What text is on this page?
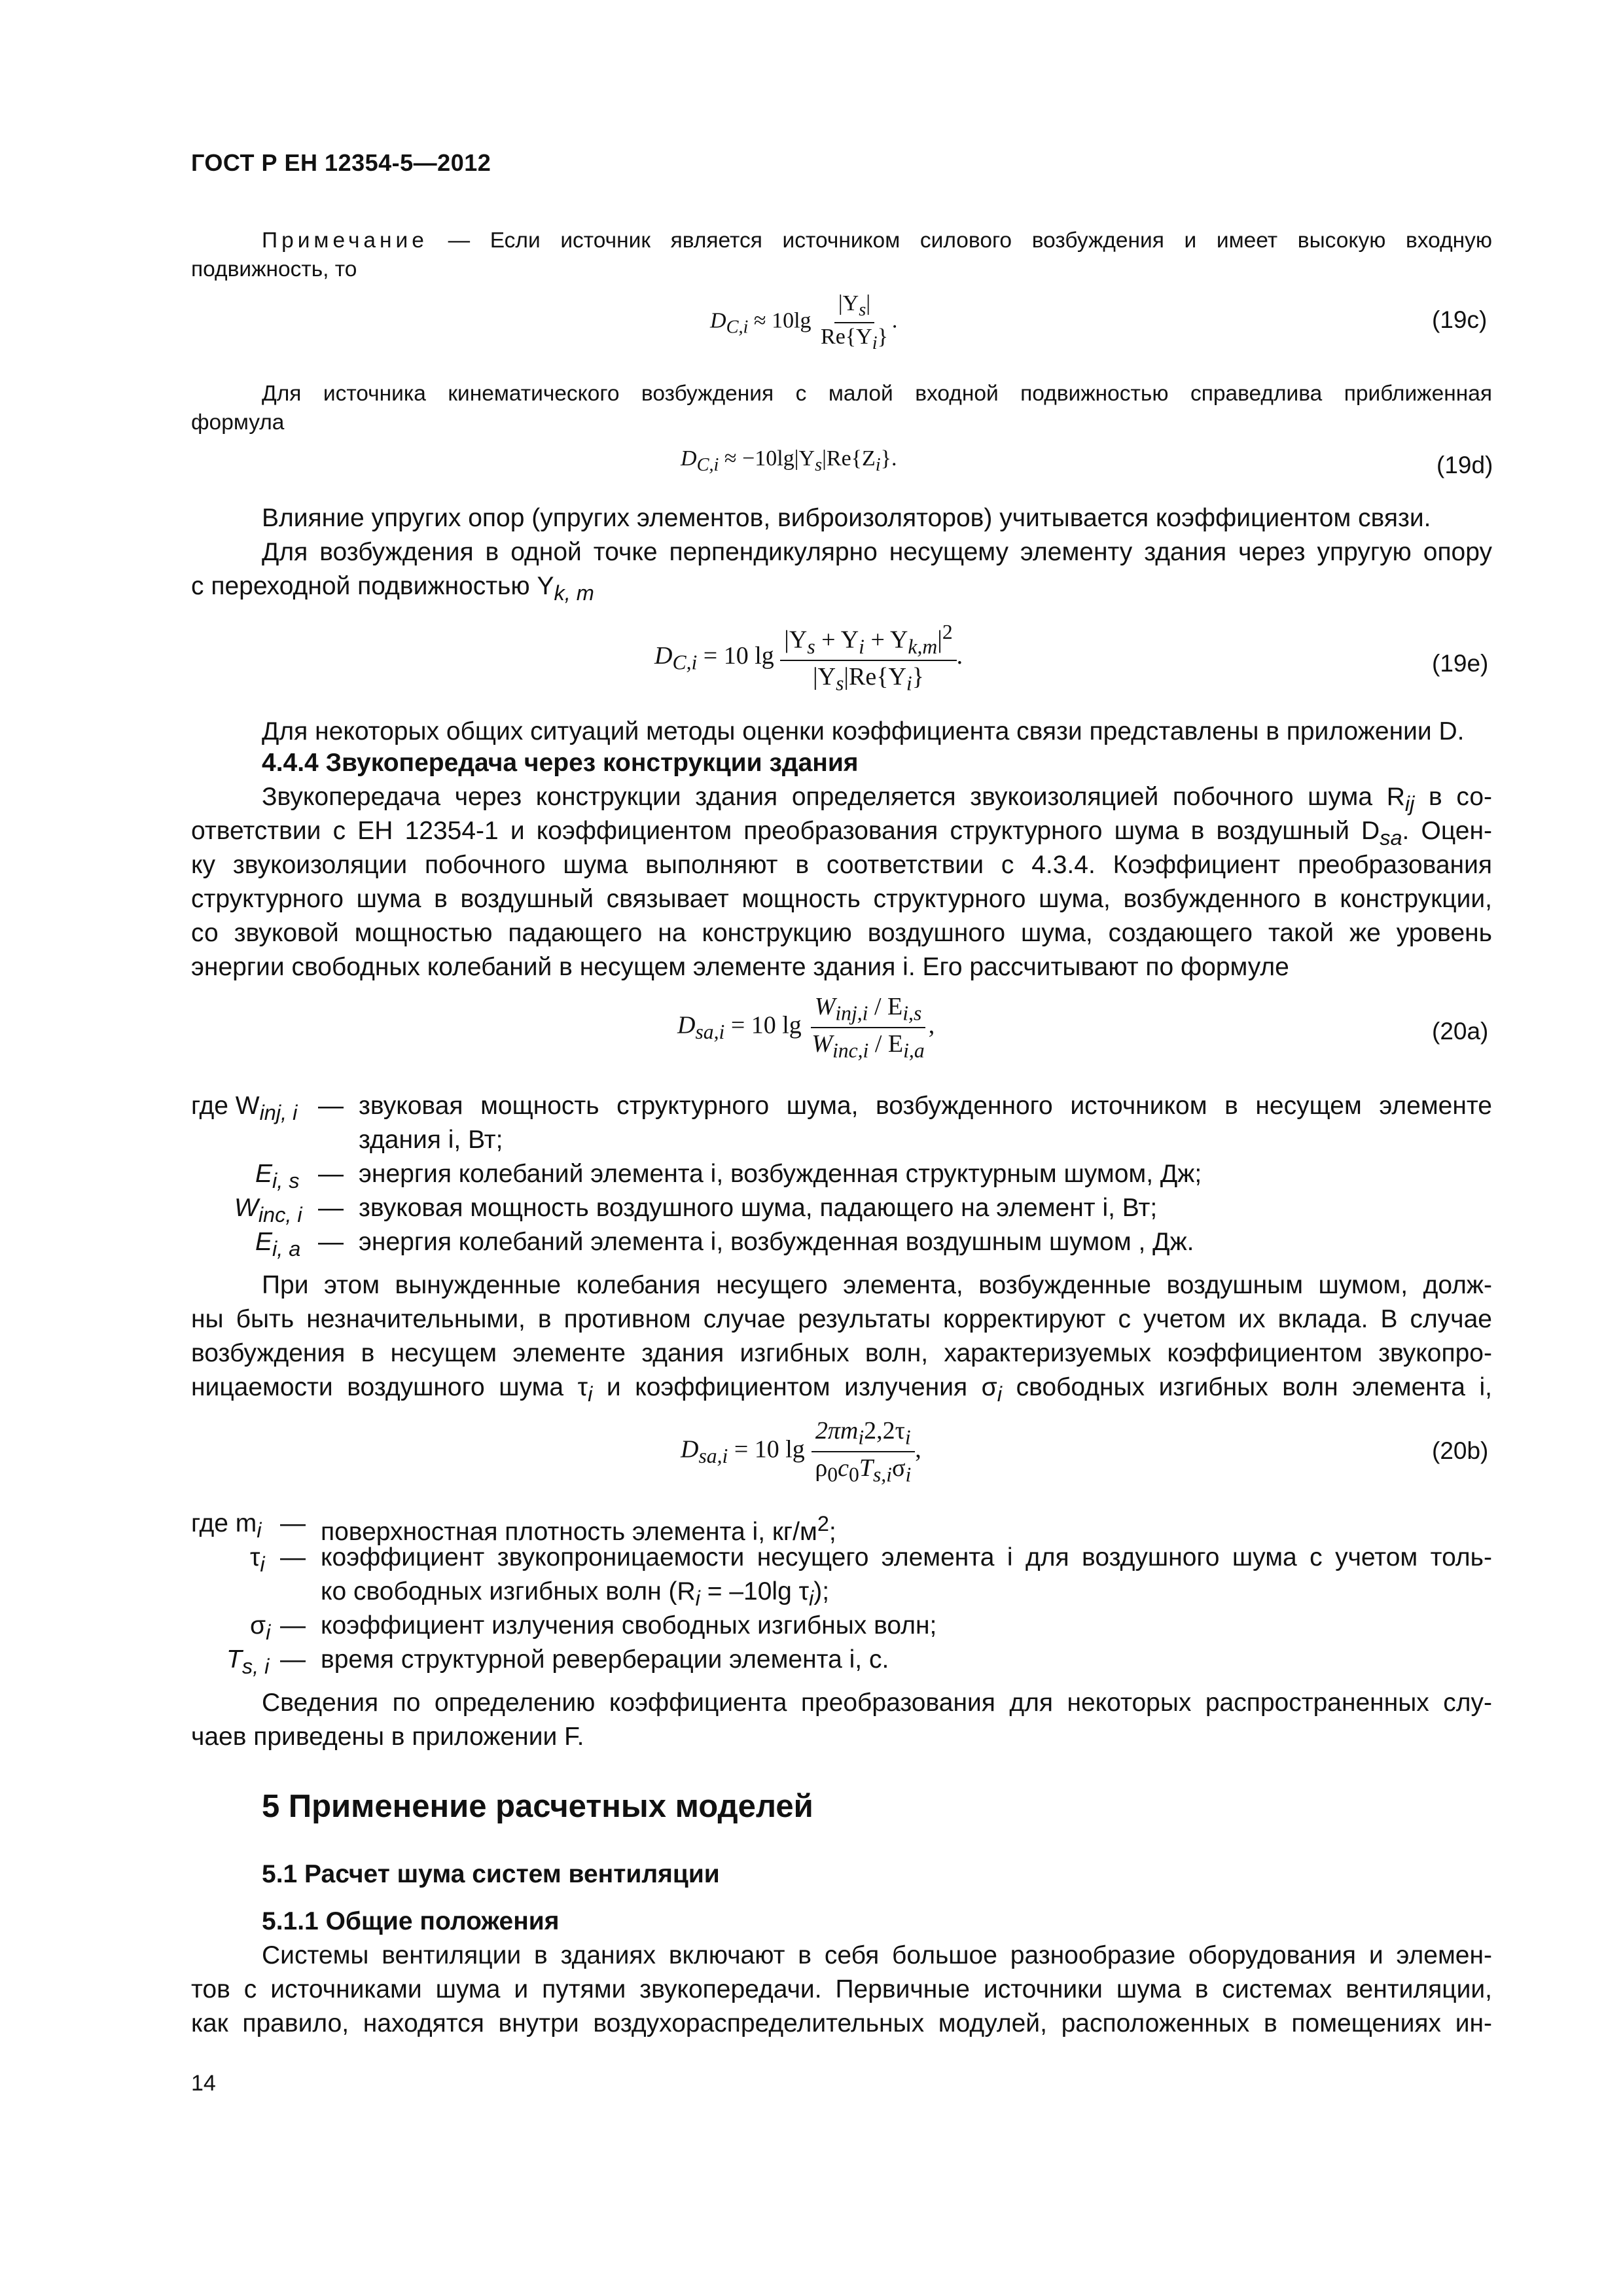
ГОСТ Р ЕН 12354-5—2012
Примечание — Если источник является источником силового возбуждения и имеет высокую входную
подвижность, то
$D_{C,i} \approx 10\lg \frac{|Y_s|}{Re\{Y_i\}}$ .	(19c)
Для источника кинематического возбуждения с малой входной подвижностью справедлива приближенная
формула
$D_{C,i} \approx -10\lg|Y_s|Re\{Z_i\}$.	(19d)
Влияние упругих опор (упругих элементов, виброизоляторов) учитывается коэффициентом связи.
Для возбуждения в одной точке перпендикулярно несущему элементу здания через упругую опору
с переходной подвижностью $Y_{k, m}$
$D_{C,i} = 10$ $\lg \frac{|Y_s + Y_i + Y_{k,m}|^2}{|Y_s|Re\{Y_i\}}$ .	(19e)
Для некоторых общих ситуаций методы оценки коэффициента связи представлены в приложении D.
4.4.4 Звукопередача через конструкции здания
Звукопередача через конструкции здания определяется звукоизоляцией побочного шума $R_{ij}$ в со-
ответствии с ЕН 12354-1 и коэффициентом преобразования структурного шума в воздушный $D_{sa}$. Оцен-
ку звукоизоляции побочного шума выполняют в соответствии с 4.3.4. Коэффициент преобразования
структурного шума в воздушный связывает мощность структурного шума, возбужденного в конструкции,
со звуковой мощностью падающего на конструкцию воздушного шума, создающего такой же уровень
энергии свободных колебаний в несущем элементе здания i. Его рассчитывают по формуле
$D_{sa,i} = 10$ $\lg \frac{W_{inj,i} / E_{i,s}}{W_{inc,i} / E_{i,a}}$ ,	(20a)
где $W_{inj, i}$ — звуковая мощность структурного шума, возбужденного источником в несущем элементе
здания i, Вт;
$E_{i, s}$ — энергия колебаний элемента i, возбужденная структурным шумом, Дж;
$W_{inc, i}$ — звуковая мощность воздушного шума, падающего на элемент i, Вт;
$E_{i, a}$ — энергия колебаний элемента i, возбужденная воздушным шумом , Дж.
При этом вынужденные колебания несущего элемента, возбужденные воздушным шумом, долж-
ны быть незначительными, в противном случае результаты корректируют с учетом их вклада. В случае
возбуждения в несущем элементе здания изгибных волн, характеризуемых коэффициентом звукопро-
ницаемости воздушного шума $\tau_i$ и коэффициентом излучения $\sigma_i$ свободных изгибных волн элемента i,
$D_{sa,i} = 10$ $\lg \frac{2\pi m_i2,2\tau_i}{\rho_0c_0T_{s,i}\sigma_i}$ ,	(20b)
где $m_i$ — поверхностная плотность элемента i, $кг/м^2$;
$\tau_i$ — коэффициент звукопроницаемости несущего элемента i для воздушного шума с учетом толь-
ко свободных изгибных волн ($R_i = -10\lg$ $\tau_i$);
$\sigma_i$ — коэффициент излучения свободных изгибных волн;
$T_{s, i}$ — время структурной реверберации элемента i, с.
Сведения по определению коэффициента преобразования для некоторых распространенных слу-
чаев приведены в приложении F.
5 Применение расчетных моделей
5.1 Расчет шума систем вентиляции
5.1.1 Общие положения
Системы вентиляции в зданиях включают в себя большое разнообразие оборудования и элемен-
тов с источниками шума и путями звукопередачи. Первичные источники шума в системах вентиляции,
как правило, находятся внутри воздухораспределительных модулей, расположенных в помещениях ин-
14
